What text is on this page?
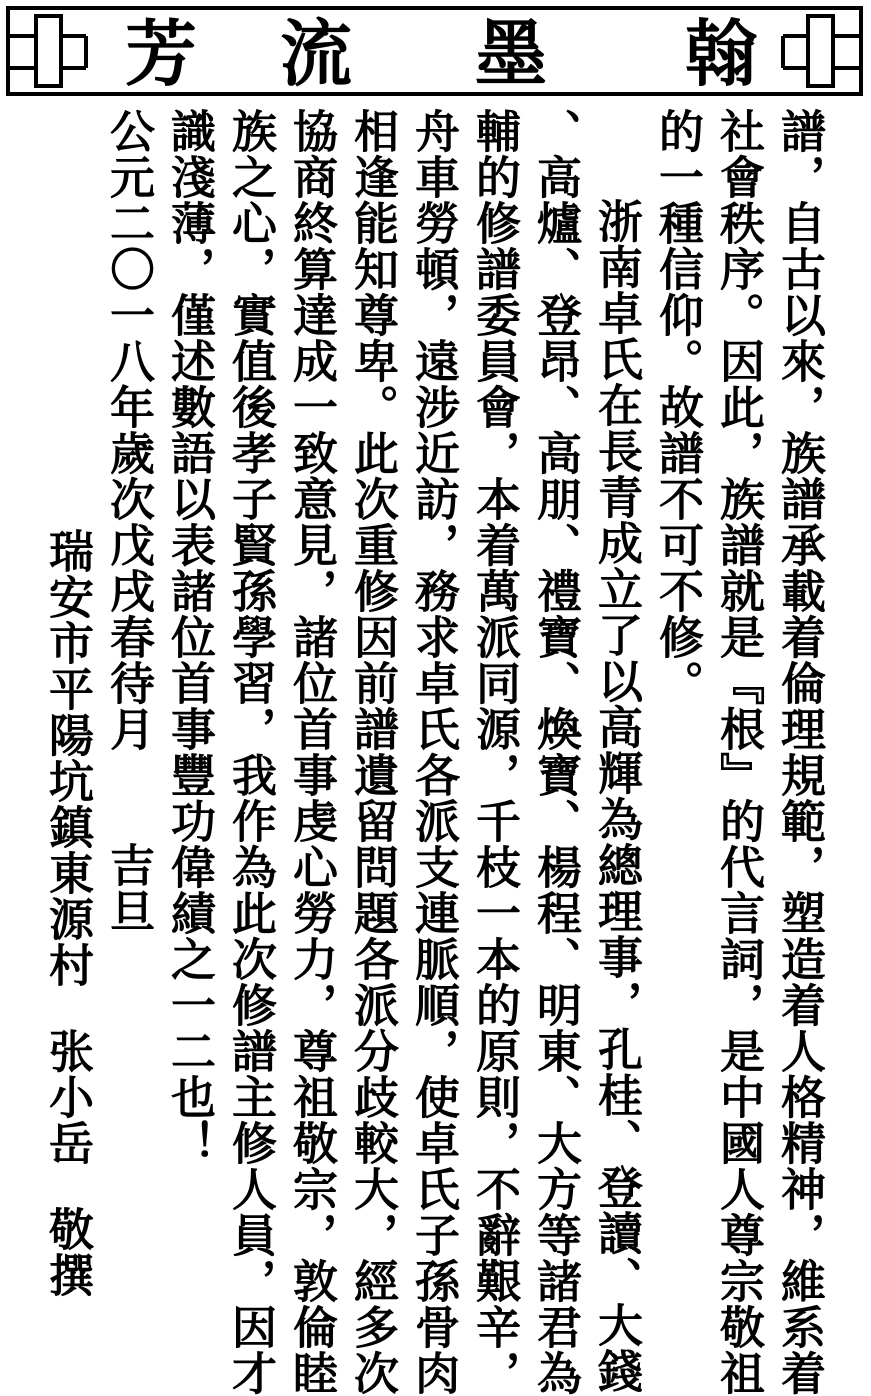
翰
墨
流
芳
譜，自古以來，族譜承載着倫理規範，塑造着人格精神，維系着
社會秩序。因此，族譜就是『根』的代言詞，是中國人尊宗敬祖
的一種信仰。故譜不可不修。
浙南卓氏在長青成立了以高輝為總理事，孔桂、登讀、大錢
、高爐、登昂、高朋、禮寶、煥寶、楊程、明東、大方等諸君為
輔的修譜委員會，本着萬派同源，千枝一本的原則，不辭艱辛，
舟車勞頓，遠涉近訪，務求卓氏各派支連脈順，使卓氏子孫骨肉
相逢能知尊卑。此次重修因前譜遺留問題各派分歧較大，經多次
協商終算達成一致意見，諸位首事虔心勞力，尊祖敬宗，敦倫睦
族之心，實值後孝子賢孫學習，我作為此次修譜主修人員，因才
識淺薄，僅述數語以表諸位首事豐功偉績之一二也！
公元二〇一八年歲次戊戌春待月吉旦
瑞安市平陽坑鎮東源村张小岳敬撰
